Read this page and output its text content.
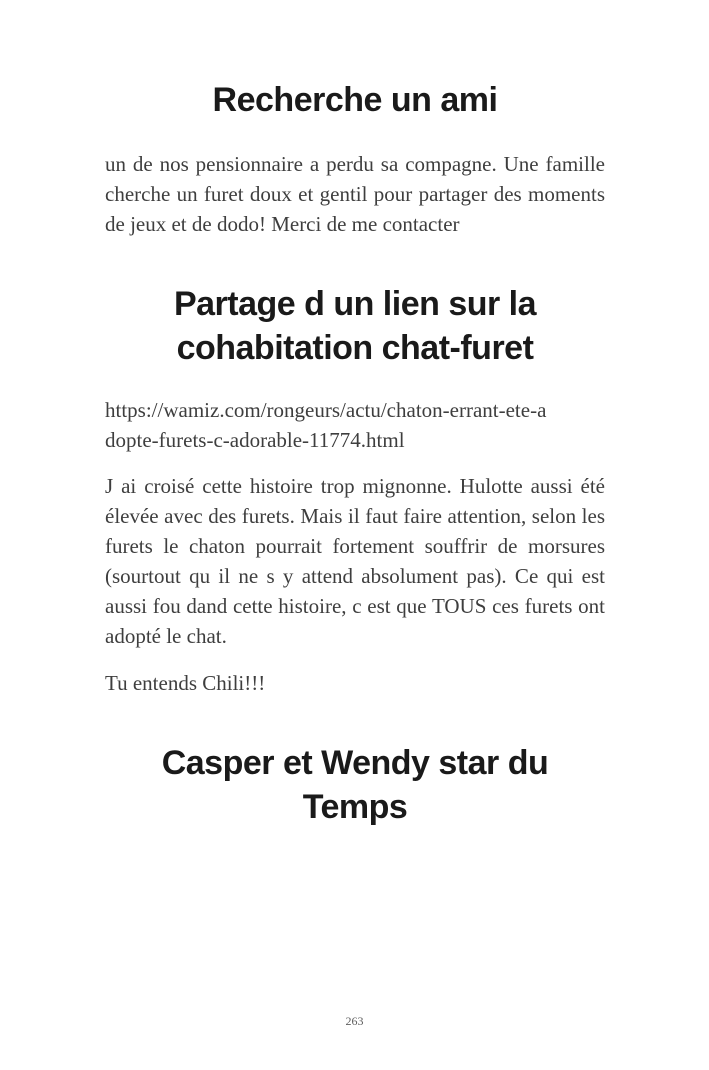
Recherche un ami

un de nos pensionnaire a perdu sa compagne. Une famille cherche un furet doux et gentil pour partager des moments de jeux et de dodo! Merci de me contacter

Partage d un lien sur la cohabitation chat-furet
https://wamiz.com/rongeurs/actu/chaton-errant-ete-a
dopte-furets-c-adorable-11774.html

J ai croisé cette histoire trop mignonne. Hulotte aussi été élevée avec des furets. Mais il faut faire attention, selon les furets le chaton pourrait fortement souffrir de morsures (sourtout qu il ne s y attend absolument pas). Ce qui est aussi fou dand cette histoire, c est que TOUS ces furets ont adopté le chat.

Tu entends Chili!!!

Casper et Wendy star du Temps
263
